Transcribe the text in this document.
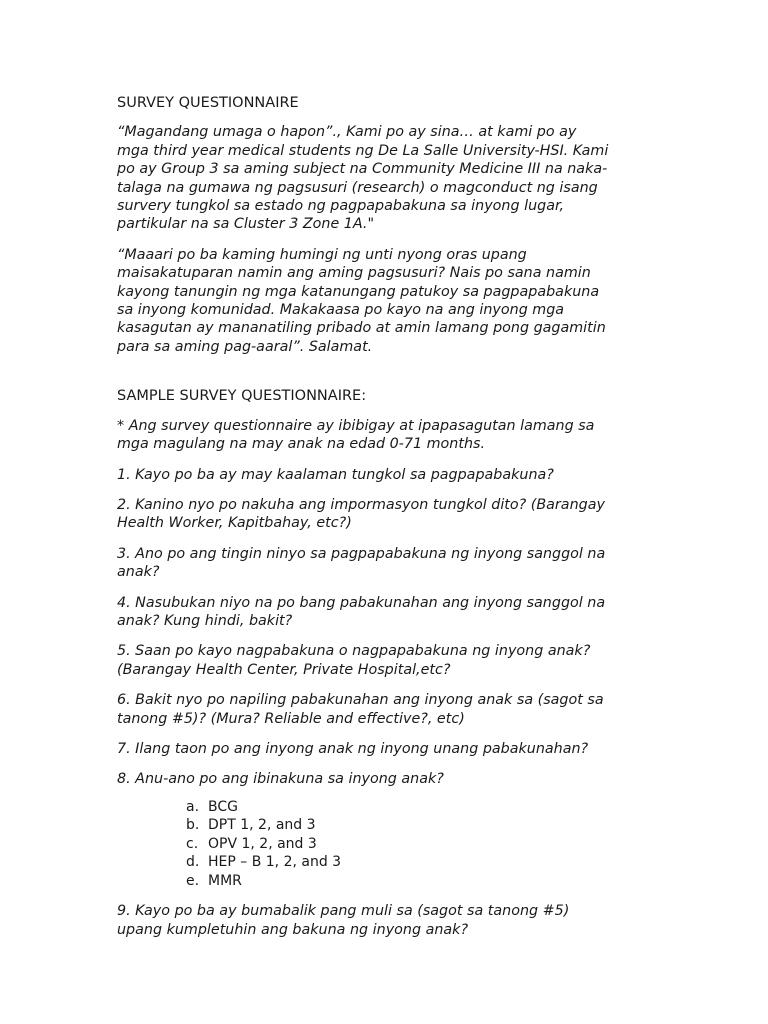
SURVEY QUESTIONNAIRE

“Magandang umaga o hapon”., Kami po ay sina… at kami po ay
mga third year medical students ng De La Salle University-HSI. Kami
po ay Group 3 sa aming subject na Community Medicine III na naka-
talaga na gumawa ng pagsusuri (research) o magconduct ng isang
survery tungkol sa estado ng pagpapabakuna sa inyong lugar,
partikular na sa Cluster 3 Zone 1A."

“Maaari po ba kaming humingi ng unti nyong oras upang
maisakatuparan namin ang aming pagsusuri? Nais po sana namin
kayong tanungin ng mga katanungang patukoy sa pagpapabakuna
sa inyong komunidad. Makakaasa po kayo na ang inyong mga
kasagutan ay mananatiling pribado at amin lamang pong gagamitin
para sa aming pag-aaral”. Salamat.

SAMPLE SURVEY QUESTIONNAIRE:

* Ang survey questionnaire ay ibibigay at ipapasagutan lamang sa
mga magulang na may anak na edad 0-71 months.

1. Kayo po ba ay may kaalaman tungkol sa pagpapabakuna?

2. Kanino nyo po nakuha ang impormasyon tungkol dito? (Barangay
Health Worker, Kapitbahay, etc?)

3. Ano po ang tingin ninyo sa pagpapabakuna ng inyong sanggol na
anak?

4. Nasubukan niyo na po bang pabakunahan ang inyong sanggol na
anak? Kung hindi, bakit?

5. Saan po kayo nagpabakuna o nagpapabakuna ng inyong anak?
(Barangay Health Center, Private Hospital,etc?

6. Bakit nyo po napiling pabakunahan ang inyong anak sa (sagot sa
tanong #5)? (Mura? Reliable and effective?, etc)

7. Ilang taon po ang inyong anak ng inyong unang pabakunahan?

8. Anu-ano po ang ibinakuna sa inyong anak?

a. BCG
b. DPT 1, 2, and 3
c. OPV 1, 2, and 3
d. HEP – B 1, 2, and 3
e. MMR

9. Kayo po ba ay bumabalik pang muli sa (sagot sa tanong #5)
upang kumpletuhin ang bakuna ng inyong anak?
